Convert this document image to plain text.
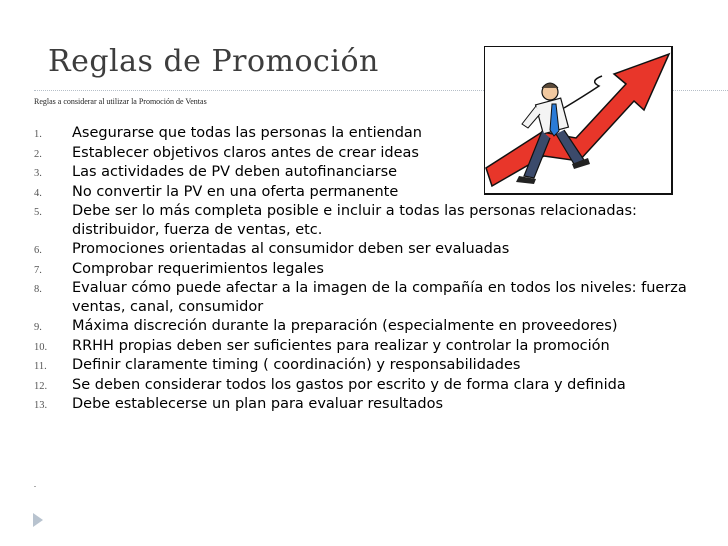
Reglas de Promoción
Reglas a considerar al utilizar la Promoción de Ventas
1. Asegurarse que todas las personas la entiendan
2. Establecer objetivos claros antes de crear ideas
3. Las actividades de PV deben autofinanciarse
4. No convertir la PV en una oferta permanente
5. Debe ser lo más completa posible e incluir a todas las personas relacionadas: distribuidor, fuerza de ventas, etc.
6. Promociones orientadas al consumidor deben ser evaluadas
7. Comprobar requerimientos legales
8. Evaluar cómo puede afectar a la imagen de la compañía en todos los niveles: fuerza ventas, canal, consumidor
9. Máxima discreción durante la preparación (especialmente en proveedores)
10. RRHH propias deben ser suficientes para realizar y controlar la promoción
11. Definir claramente timing ( coordinación) y responsabilidades
12. Se deben considerar todos los gastos por escrito y de forma clara y definida
13. Debe establecerse un plan para evaluar resultados
.
